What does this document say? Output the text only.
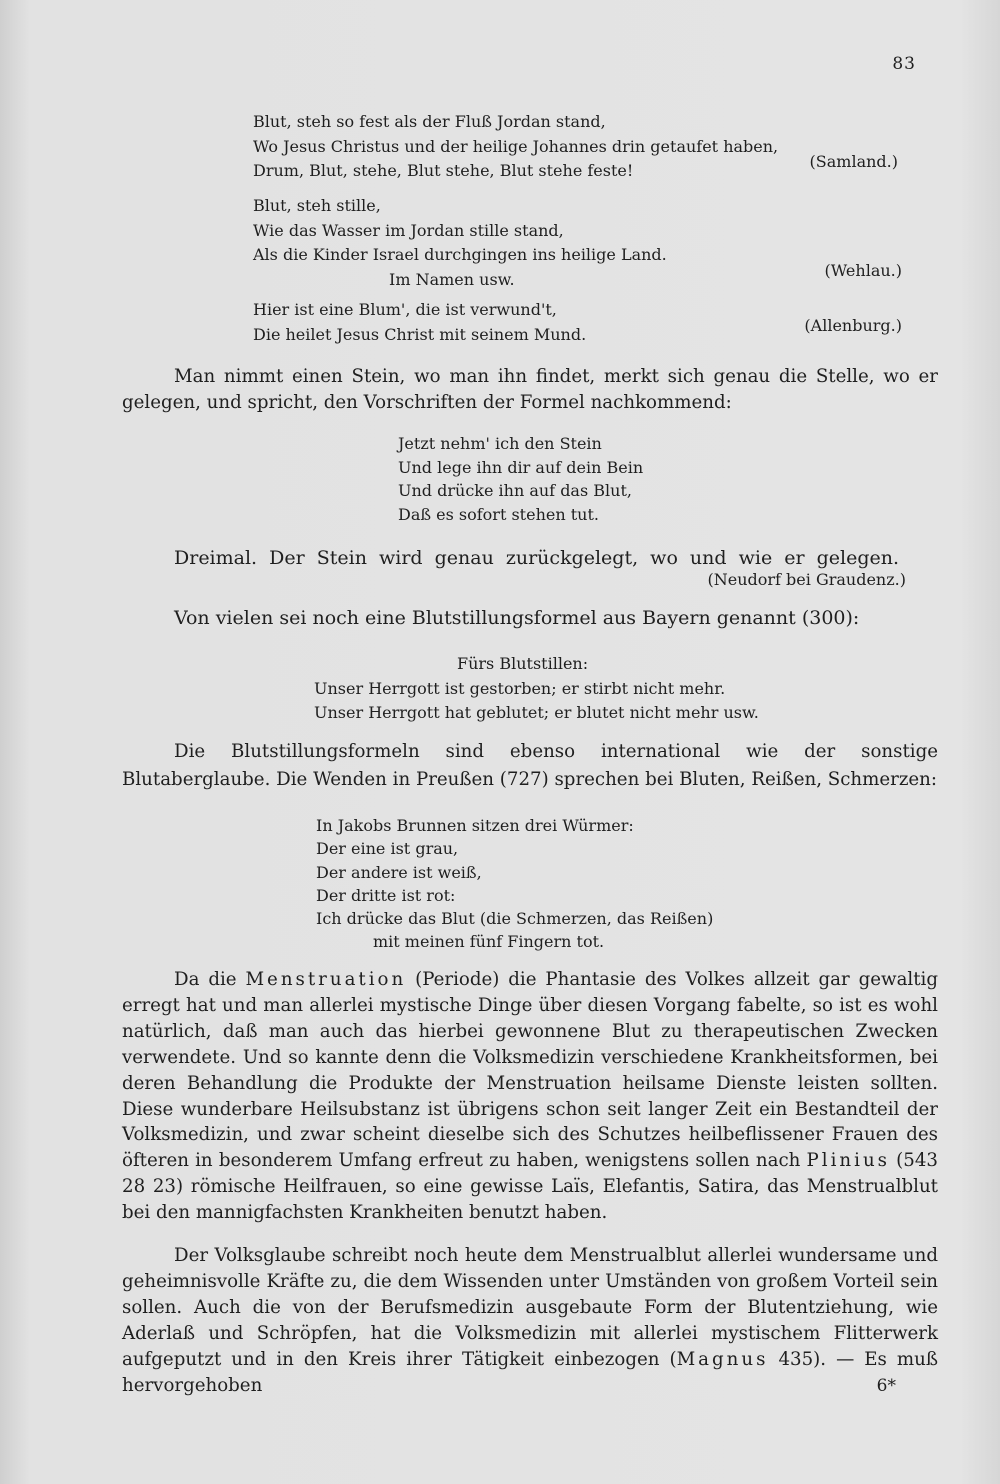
83
Blut, steh so fest als der Fluß Jordan stand,
Wo Jesus Christus und der heilige Johannes drin getaufet haben,
Drum, Blut, stehe, Blut stehe, Blut stehe feste!	(Samland.)
Blut, steh stille,
Wie das Wasser im Jordan stille stand,
Als die Kinder Israel durchgingen ins heilige Land.
Im Namen usw.	(Wehlau.)
Hier ist eine Blum', die ist verwund't,
Die heilet Jesus Christ mit seinem Mund.	(Allenburg.)
Man nimmt einen Stein, wo man ihn findet, merkt sich genau die Stelle, wo er gelegen, und spricht, den Vorschriften der Formel nachkommend:
Jetzt nehm' ich den Stein
Und lege ihn dir auf dein Bein
Und drücke ihn auf das Blut,
Daß es sofort stehen tut.
Dreimal. Der Stein wird genau zurückgelegt, wo und wie er gelegen.
(Neudorf bei Graudenz.)
Von vielen sei noch eine Blutstillungsformel aus Bayern genannt (300):
Fürs Blutstillen:
Unser Herrgott ist gestorben; er stirbt nicht mehr.
Unser Herrgott hat geblutet; er blutet nicht mehr usw.
Die Blutstillungsformeln sind ebenso international wie der sonstige Blutaberglaube. Die Wenden in Preußen (727) sprechen bei Bluten, Reißen, Schmerzen:
In Jakobs Brunnen sitzen drei Würmer:
Der eine ist grau,
Der andere ist weiß,
Der dritte ist rot:
Ich drücke das Blut (die Schmerzen, das Reißen)
mit meinen fünf Fingern tot.
Da die Menstruation (Periode) die Phantasie des Volkes allzeit gar gewaltig erregt hat und man allerlei mystische Dinge über diesen Vorgang fabelte, so ist es wohl natürlich, daß man auch das hierbei gewonnene Blut zu therapeutischen Zwecken verwendete. Und so kannte denn die Volksmedizin verschiedene Krankheitsformen, bei deren Behandlung die Produkte der Menstruation heilsame Dienste leisten sollten. Diese wunderbare Heilsubstanz ist übrigens schon seit langer Zeit ein Bestandteil der Volksmedizin, und zwar scheint dieselbe sich des Schutzes heilbeflissener Frauen des öfteren in besonderem Umfang erfreut zu haben, wenigstens sollen nach Plinius (543 28 23) römische Heilfrauen, so eine gewisse Laïs, Elefantis, Satira, das Menstrualblut bei den mannigfachsten Krankheiten benutzt haben.
Der Volksglaube schreibt noch heute dem Menstrualblut allerlei wundersame und geheimnisvolle Kräfte zu, die dem Wissenden unter Umständen von großem Vorteil sein sollen. Auch die von der Berufsmedizin ausgebaute Form der Blutentziehung, wie Aderlaß und Schröpfen, hat die Volksmedizin mit allerlei mystischem Flitterwerk aufgeputzt und in den Kreis ihrer Tätigkeit einbezogen (Magnus 435). — Es muß hervorgehoben	6*
